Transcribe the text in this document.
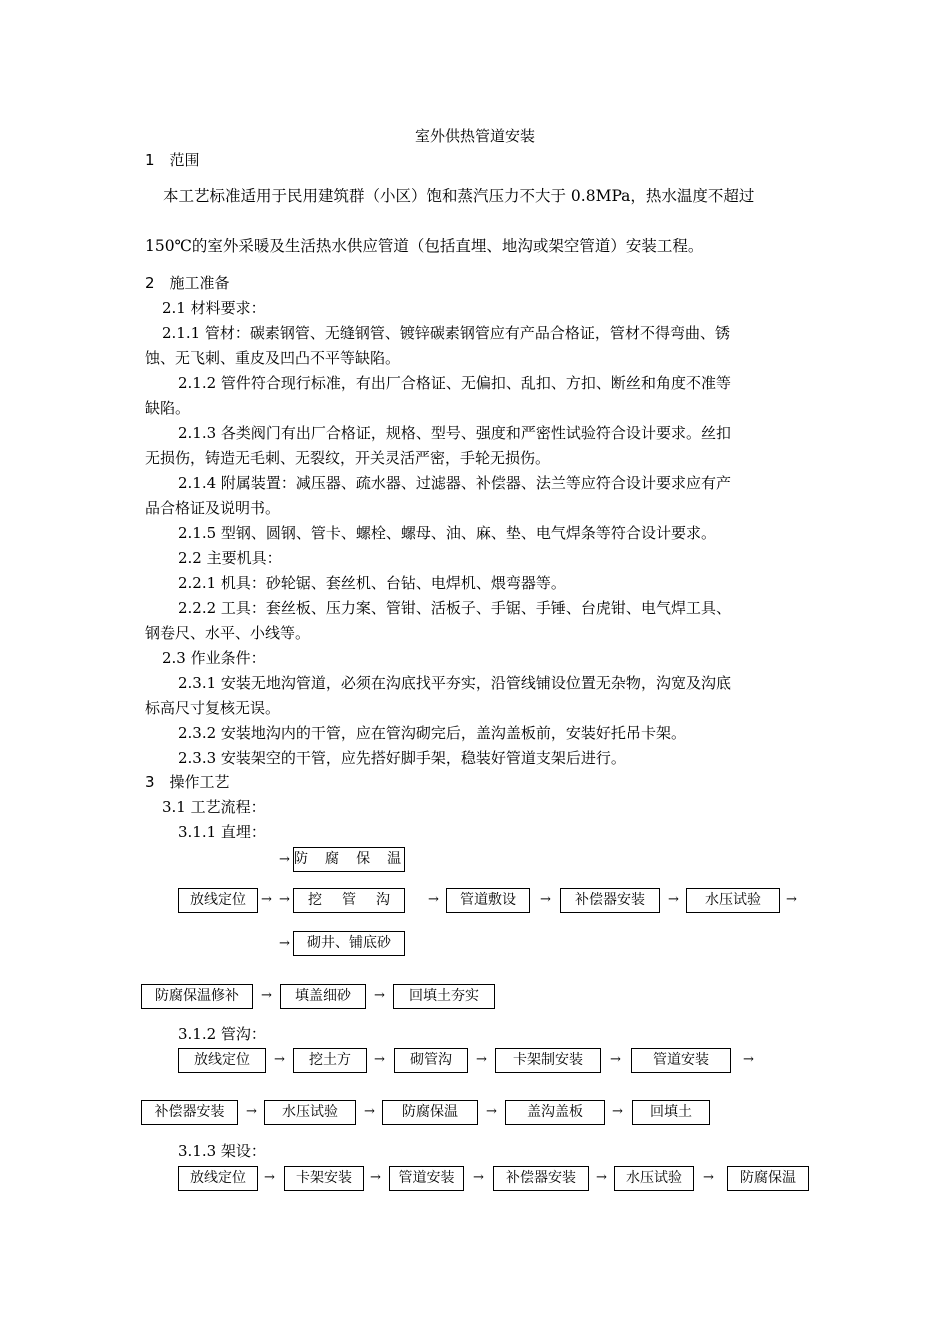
室外供热管道安装
1　范围
本工艺标准适用于民用建筑群（小区）饱和蒸汽压力不大于 0.8MPa，热水温度不超过
150℃的室外采暖及生活热水供应管道（包括直埋、地沟或架空管道）安装工程。
2　施工准备
2.1 材料要求：
2.1.1 管材：碳素钢管、无缝钢管、镀锌碳素钢管应有产品合格证，管材不得弯曲、锈
蚀、无飞刺、重皮及凹凸不平等缺陷。
2.1.2 管件符合现行标准，有出厂合格证、无偏扣、乱扣、方扣、断丝和角度不准等
缺陷。
2.1.3 各类阀门有出厂合格证，规格、型号、强度和严密性试验符合设计要求。丝扣
无损伤，铸造无毛刺、无裂纹，开关灵活严密，手轮无损伤。
2.1.4 附属装置：减压器、疏水器、过滤器、补偿器、法兰等应符合设计要求应有产
品合格证及说明书。
2.1.5 型钢、圆钢、管卡、螺栓、螺母、油、麻、垫、电气焊条等符合设计要求。
2.2 主要机具：
2.2.1 机具：砂轮锯、套丝机、台钻、电焊机、煨弯器等。
2.2.2 工具：套丝板、压力案、管钳、活板子、手锯、手锤、台虎钳、电气焊工具、
钢卷尺、水平、小线等。
2.3 作业条件：
2.3.1 安装无地沟管道，必须在沟底找平夯实，沿管线铺设位置无杂物，沟宽及沟底
标高尺寸复核无误。
2.3.2 安装地沟内的干管，应在管沟砌完后，盖沟盖板前，安装好托吊卡架。
2.3.3 安装架空的干管，应先搭好脚手架，稳装好管道支架后进行。
3　操作工艺
3.1 工艺流程：
3.1.1 直埋：
→ 防 腐 保 温
放线定位	→ → 挖 管 沟	→	管道敷设	→	补偿器安装	→	水压试验	→
→	砌井、铺底砂
防腐保温修补	→	填盖细砂	→	回填土夯实
3.1.2 管沟：
放线定位	→	挖土方	→	砌管沟	→	卡架制安装	→	管道安装	→
补偿器安装	→	水压试验	→	防腐保温	→	盖沟盖板	→	回填土
3.1.3 架设：
放线定位	→	卡架安装	→	管道安装	→	补偿器安装	→	水压试验	→	防腐保温
